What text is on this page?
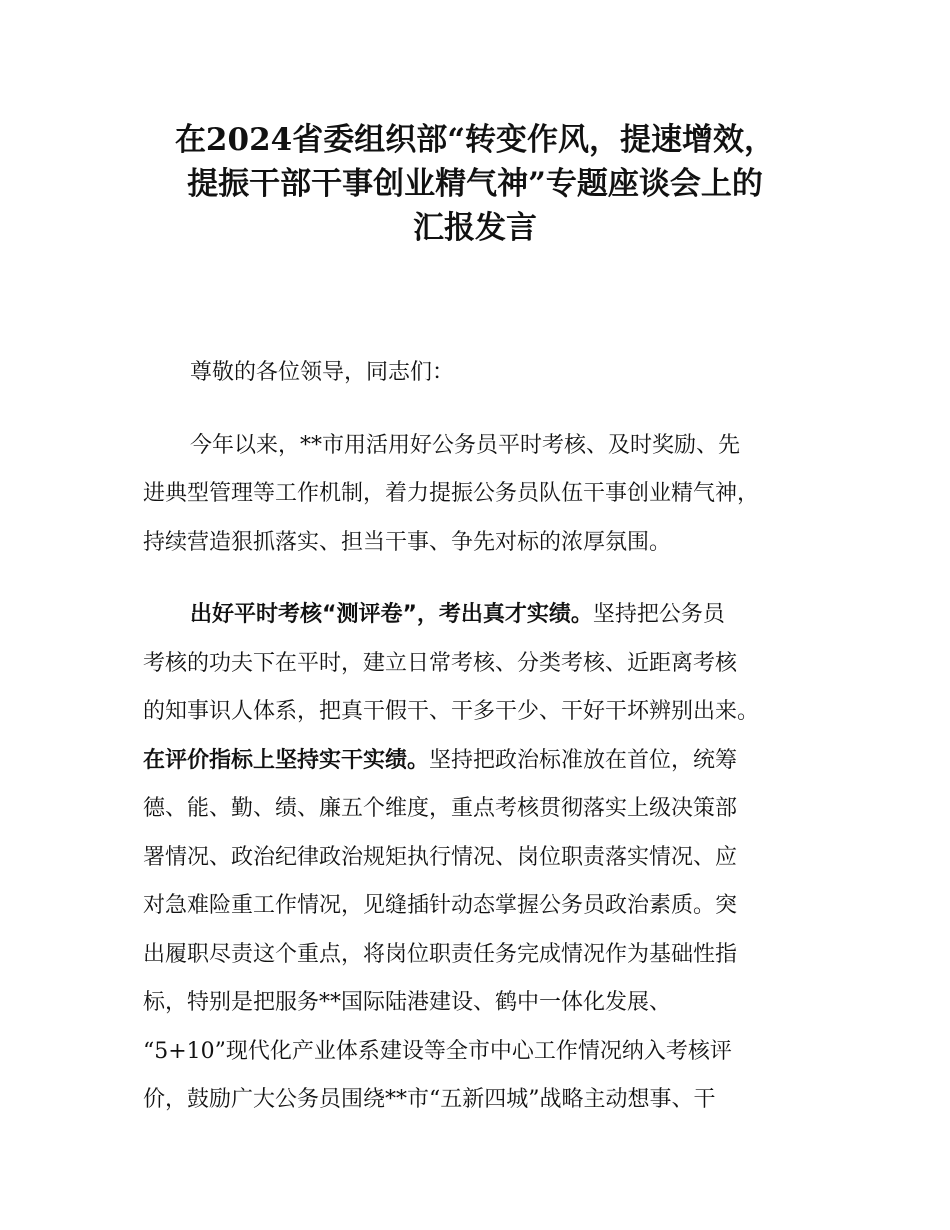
在2024省委组织部“转变作风，提速增效，
提振干部干事创业精气神”专题座谈会上的
汇报发言
尊敬的各位领导，同志们：
今年以来，**市用活用好公务员平时考核、及时奖励、先
进典型管理等工作机制，着力提振公务员队伍干事创业精气神，
持续营造狠抓落实、担当干事、争先对标的浓厚氛围。
出好平时考核“测评卷”，考出真才实绩。坚持把公务员
考核的功夫下在平时，建立日常考核、分类考核、近距离考核
的知事识人体系，把真干假干、干多干少、干好干坏辨别出来。
在评价指标上坚持实干实绩。坚持把政治标准放在首位，统筹
德、能、勤、绩、廉五个维度，重点考核贯彻落实上级决策部
署情况、政治纪律政治规矩执行情况、岗位职责落实情况、应
对急难险重工作情况，见缝插针动态掌握公务员政治素质。突
出履职尽责这个重点，将岗位职责任务完成情况作为基础性指
标，特别是把服务**国际陆港建设、鹤中一体化发展、
“5+10”现代化产业体系建设等全市中心工作情况纳入考核评
价，鼓励广大公务员围绕**市“五新四城”战略主动想事、干
